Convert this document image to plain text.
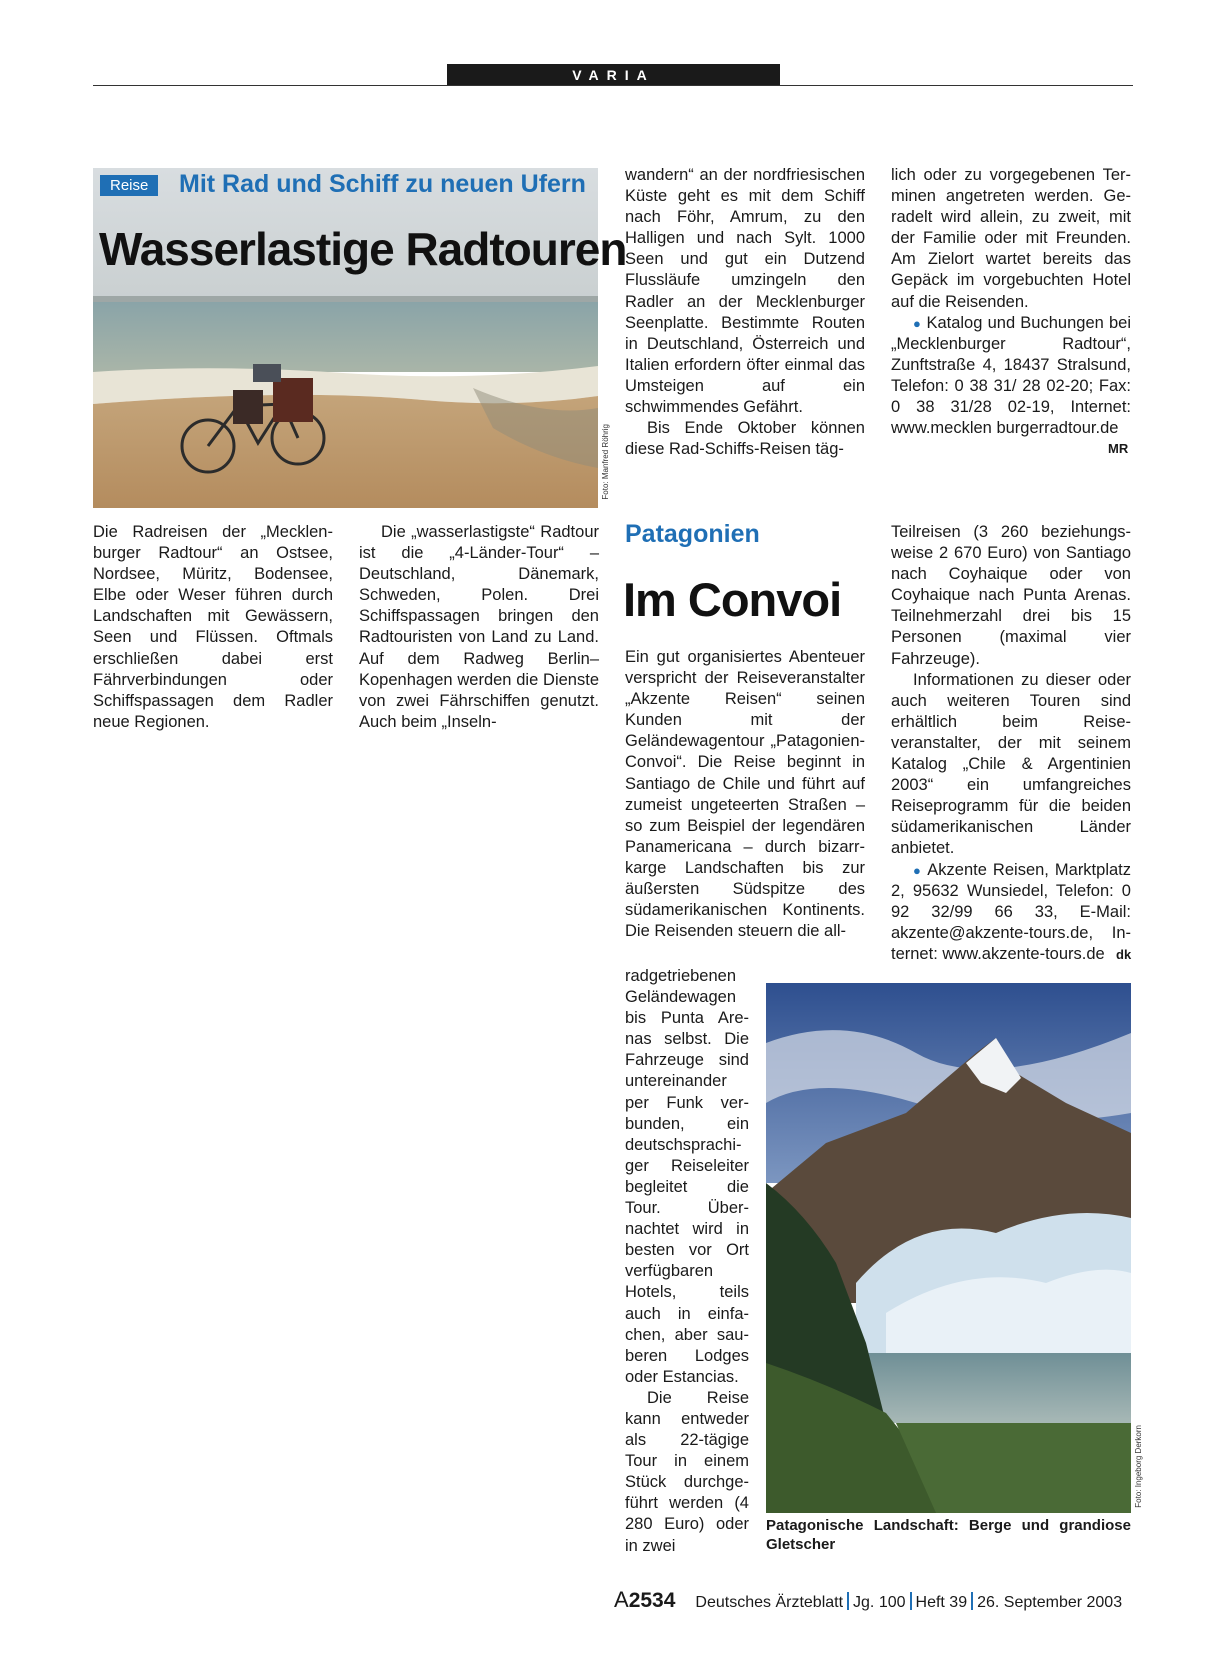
VARIA
Reise	Mit Rad und Schiff zu neuen Ufern
Wasserlastige Radtouren
Foto: Manfred Röhrig

Die Radreisen der „Mecklenburger Radtour“ an Ostsee, Nordsee, Müritz, Bodensee, Elbe oder Weser führen durch Landschaften mit Gewässern, Seen und Flüssen. Oftmals erschließen dabei erst Fährverbindungen oder Schiffspassagen dem Radler neue Regionen.

Die „wasserlastigste“ Radtour ist die „4-Länder-Tour“ – Deutschland, Dänemark, Schweden, Polen. Drei Schiffspassagen bringen den Radtouristen von Land zu Land. Auf dem Radweg Berlin–Kopenhagen werden die Dienste von zwei Fährschiffen genutzt. Auch beim „Inseln-

wandern“ an der nordfriesischen Küste geht es mit dem Schiff nach Föhr, Amrum, zu den Halligen und nach Sylt. 1000 Seen und gut ein Dutzend Flussläufe umzingeln den Radler an der Mecklenburger Seenplatte. Bestimmte Routen in Deutschland, Österreich und Italien erfordern öfter einmal das Umsteigen auf ein schwimmendes Gefährt.

Bis Ende Oktober können diese Rad-Schiffs-Reisen täg-

lich oder zu vorgegebenen Terminen angetreten werden. Geradelt wird allein, zu zweit, mit der Familie oder mit Freunden. Am Zielort wartet bereits das Gepäck im vorgebuchten Hotel auf die Reisenden.

● Katalog und Buchungen bei „Mecklenburger Radtour“, Zunftstraße 4, 18437 Stralsund, Telefon: 0 38 31/ 28 02-20; Fax: 0 38 31/28 02-19, Internet: www.mecklen burgerradtour.de

MR
Patagonien
Im Convoi

Ein gut organisiertes Abenteuer verspricht der Reiseveranstalter „Akzente Reisen“ seinen Kunden mit der Geländewagentour „Patagonien-Convoi“. Die Reise beginnt in Santiago de Chile und führt auf zumeist ungeteerten Straßen – so zum Beispiel der legendären Panamericana – durch bizarr-karge Landschaften bis zur äußersten Südspitze des südamerikanischen Kontinents. Die Reisenden steuern die all-

radgetriebenen Geländewagen bis Punta Arenas selbst. Die Fahrzeuge sind untereinander per Funk verbunden, ein deutschsprachiger Reiseleiter begleitet die Tour. Übernachtet wird in besten vor Ort verfügbaren Hotels, teils auch in einfachen, aber sauberen Lodges oder Estancias.

Die Reise kann entweder als 22-tägige Tour in einem Stück durchgeführt werden (4 280 Euro) oder in zwei

Teilreisen (3 260 beziehungsweise 2 670 Euro) von Santiago nach Coyhaique oder von Coyhaique nach Punta Arenas. Teilnehmerzahl drei bis 15 Personen (maximal vier Fahrzeuge).

Informationen zu dieser oder auch weiteren Touren sind erhältlich beim Reiseveranstalter, der mit seinem Katalog „Chile & Argentinien 2003“ ein umfangreiches Reiseprogramm für die beiden südamerikanischen Länder anbietet.

● Akzente Reisen, Marktplatz 2, 95632 Wunsiedel, Telefon: 0 92 32/99 66 33, E-Mail: akzente@akzente-tours.de, Internet: www.akzente-tours.de dk
Foto: Ingeborg Derkorn
Patagonische Landschaft: Berge und grandiose Gletscher
A2534 Deutsches Ärzteblatt Jg. 100 Heft 39 26. September 2003
